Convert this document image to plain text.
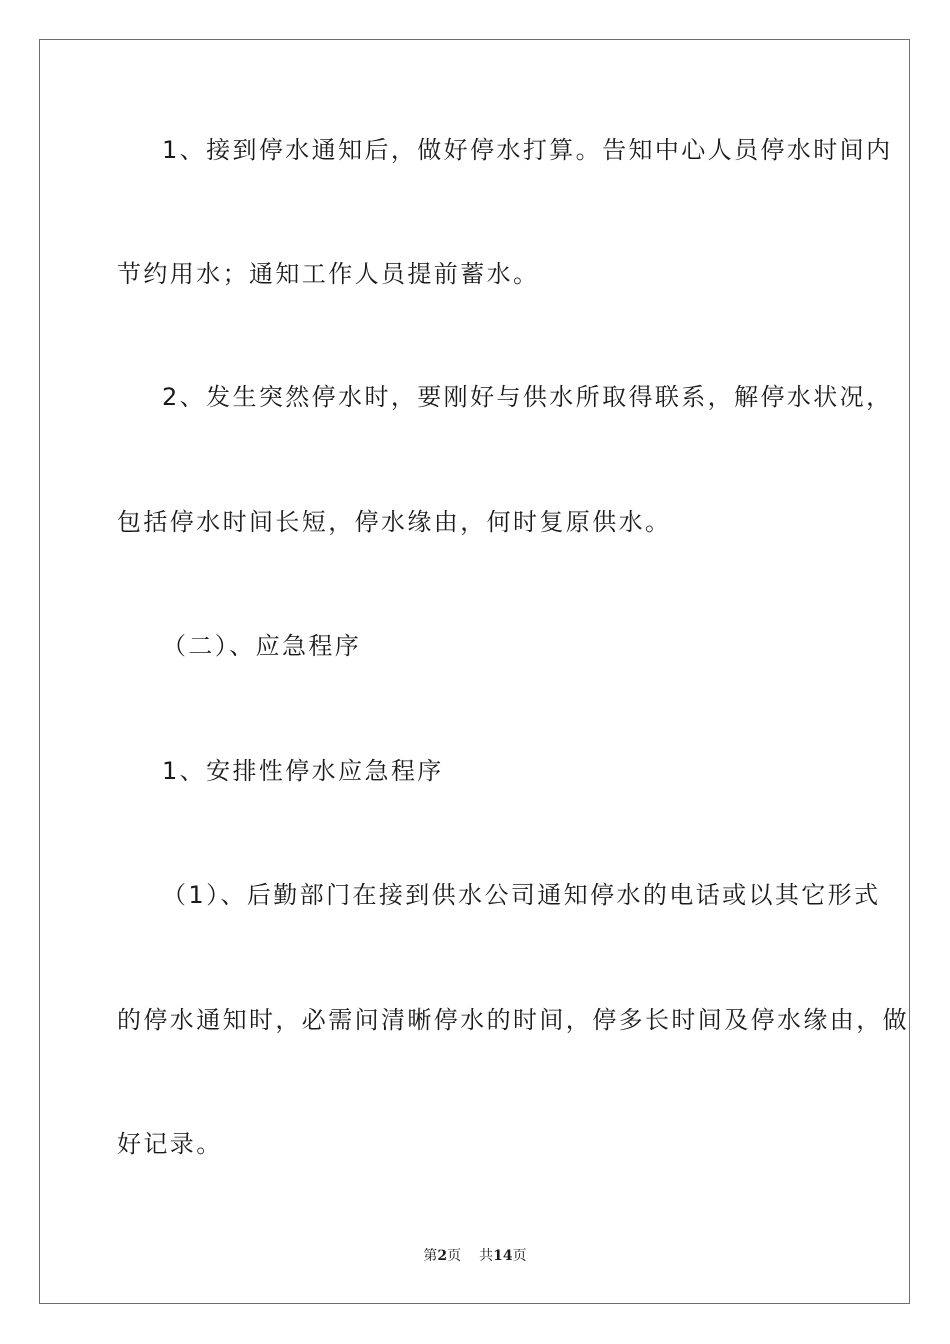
1、接到停水通知后，做好停水打算。告知中心人员停水时间内
节约用水；通知工作人员提前蓄水。
2、发生突然停水时，要刚好与供水所取得联系，解停水状况，
包括停水时间长短，停水缘由，何时复原供水。
（二）、应急程序
1、安排性停水应急程序
（1）、后勤部门在接到供水公司通知停水的电话或以其它形式
的停水通知时，必需问清晰停水的时间，停多长时间及停水缘由，做
好记录。
第2页 共14页
